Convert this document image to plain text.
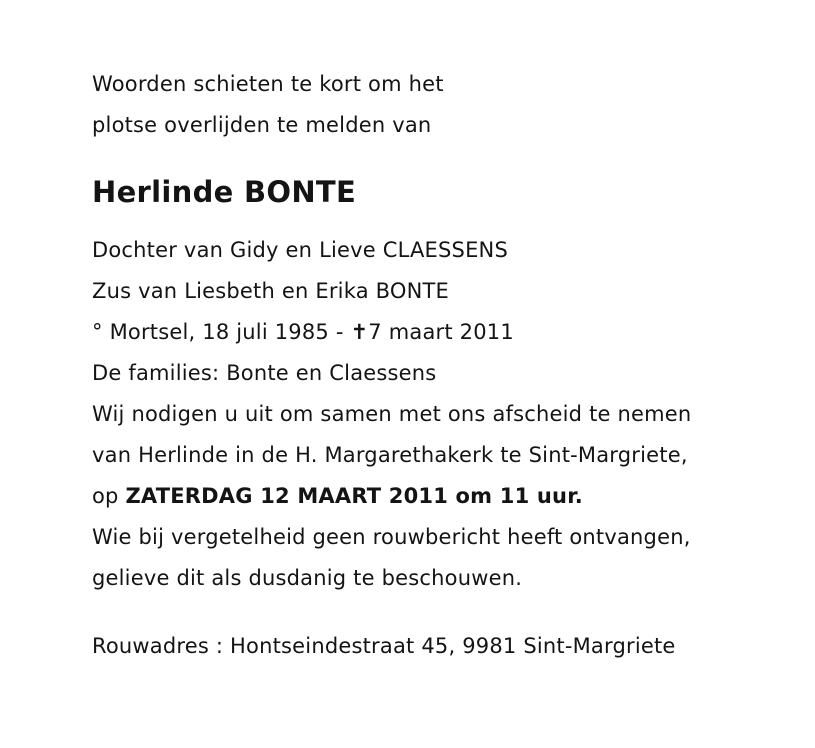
Woorden schieten te kort om het
plotse overlijden te melden van
Herlinde BONTE
Dochter van Gidy en Lieve CLAESSENS
Zus van Liesbeth en Erika BONTE
° Mortsel, 18 juli 1985 - ✝7 maart 2011
De families: Bonte en Claessens
Wij nodigen u uit om samen met ons afscheid te nemen
van Herlinde in de H. Margarethakerk te Sint-Margriete,
op ZATERDAG 12 MAART 2011 om 11 uur.
Wie bij vergetelheid geen rouwbericht heeft ontvangen,
gelieve dit als dusdanig te beschouwen.
Rouwadres : Hontseindestraat 45, 9981 Sint-Margriete
